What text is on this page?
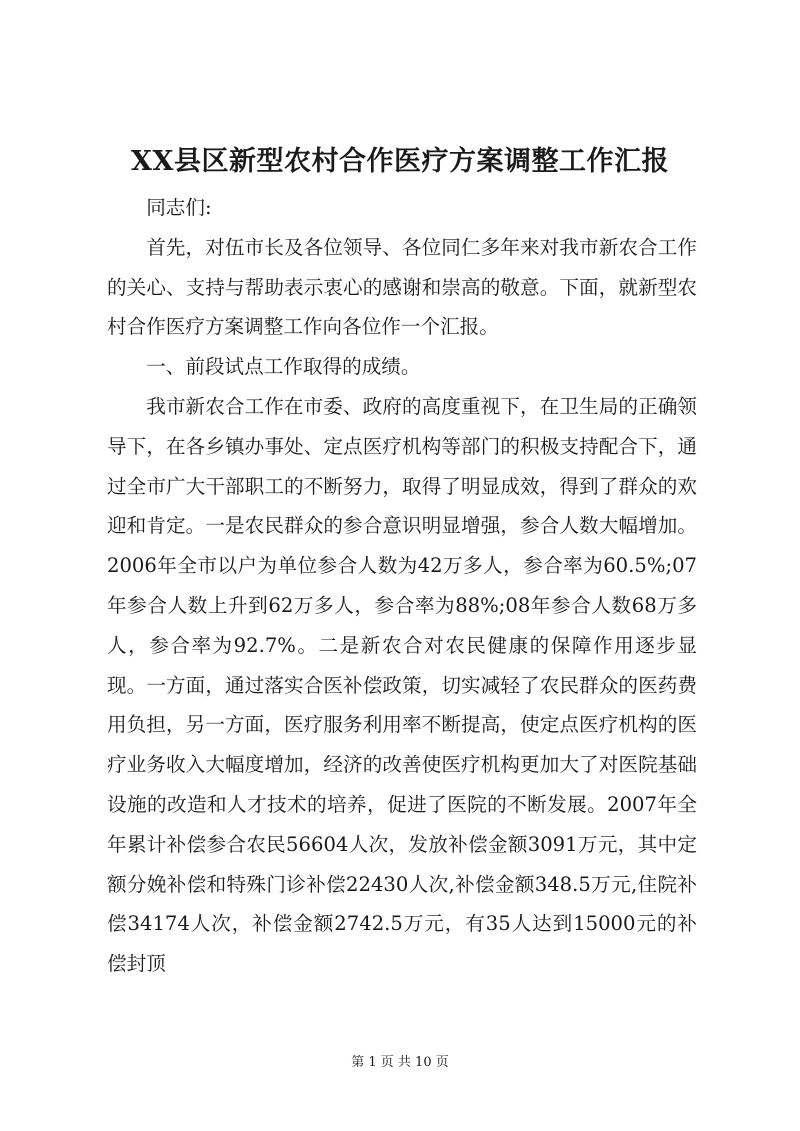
XX县区新型农村合作医疗方案调整工作汇报

同志们:

首先，对伍市长及各位领导、各位同仁多年来对我市新农合工作的关心、支持与帮助表示衷心的感谢和崇高的敬意。下面，就新型农村合作医疗方案调整工作向各位作一个汇报。

一、前段试点工作取得的成绩。

我市新农合工作在市委、政府的高度重视下，在卫生局的正确领导下，在各乡镇办事处、定点医疗机构等部门的积极支持配合下，通过全市广大干部职工的不断努力，取得了明显成效，得到了群众的欢迎和肯定。一是农民群众的参合意识明显增强，参合人数大幅增加。2006年全市以户为单位参合人数为42万多人，参合率为60.5%;07年参合人数上升到62万多人，参合率为88%;08年参合人数68万多人，参合率为92.7%。二是新农合对农民健康的保障作用逐步显现。一方面，通过落实合医补偿政策，切实减轻了农民群众的医药费用负担，另一方面，医疗服务利用率不断提高，使定点医疗机构的医疗业务收入大幅度增加，经济的改善使医疗机构更加大了对医院基础设施的改造和人才技术的培养，促进了医院的不断发展。2007年全年累计补偿参合农民56604人次，发放补偿金额3091万元，其中定额分娩补偿和特殊门诊补偿22430人次,补偿金额348.5万元,住院补偿34174人次，补偿金额2742.5万元，有35人达到15000元的补偿封顶

第 1 页 共 10 页
